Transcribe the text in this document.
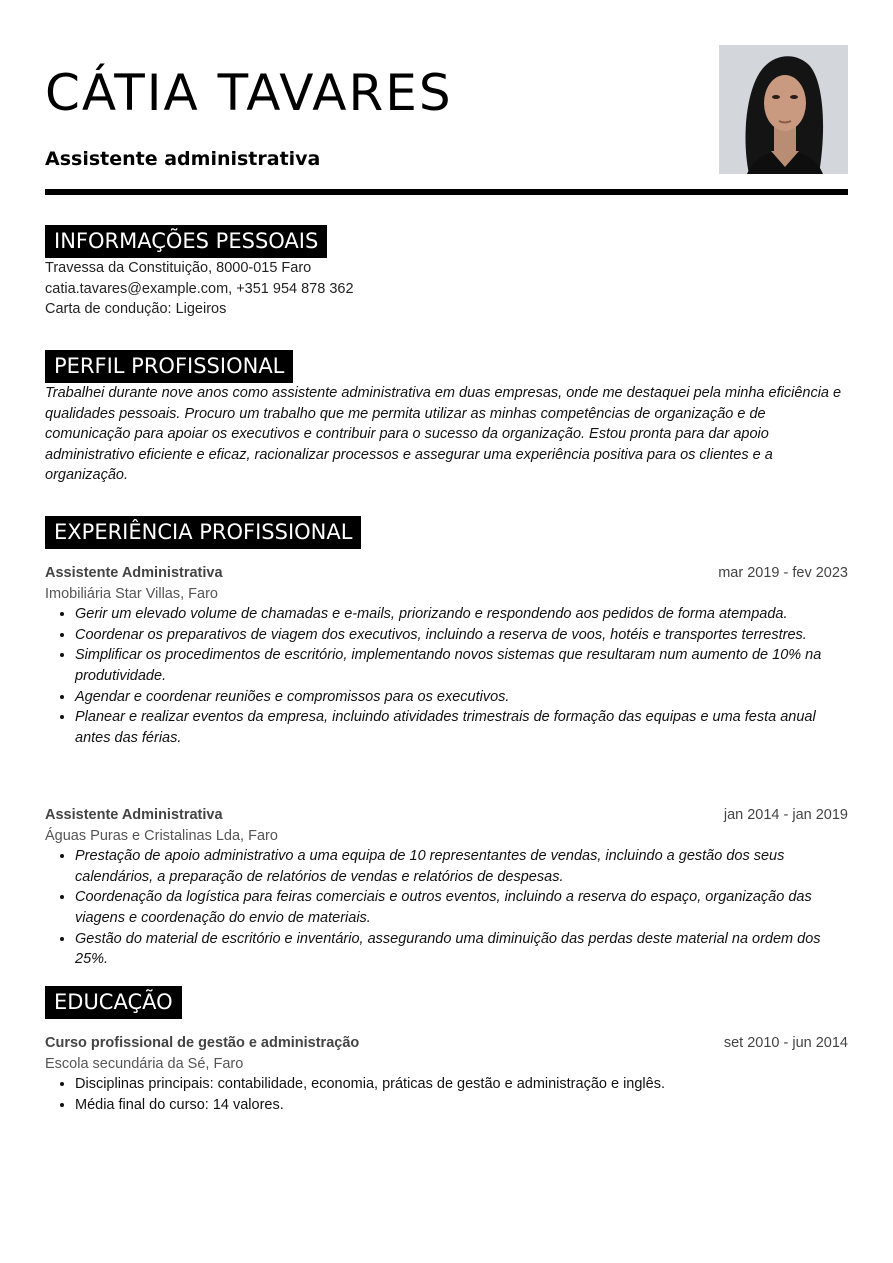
CÁTIA TAVARES
Assistente administrativa
INFORMAÇÕES PESSOAIS
Travessa da Constituição, 8000-015 Faro
catia.tavares@example.com, +351 954 878 362
Carta de condução: Ligeiros
PERFIL PROFISSIONAL
Trabalhei durante nove anos como assistente administrativa em duas empresas, onde me destaquei pela minha eficiência e qualidades pessoais. Procuro um trabalho que me permita utilizar as minhas competências de organização e de comunicação para apoiar os executivos e contribuir para o sucesso da organização. Estou pronta para dar apoio administrativo eficiente e eficaz, racionalizar processos e assegurar uma experiência positiva para os clientes e a organização.
EXPERIÊNCIA PROFISSIONAL
Assistente Administrativa	mar 2019 - fev 2023
Imobiliária Star Villas, Faro
• Gerir um elevado volume de chamadas e e-mails, priorizando e respondendo aos pedidos de forma atempada.
• Coordenar os preparativos de viagem dos executivos, incluindo a reserva de voos, hotéis e transportes terrestres.
• Simplificar os procedimentos de escritório, implementando novos sistemas que resultaram num aumento de 10% na produtividade.
• Agendar e coordenar reuniões e compromissos para os executivos.
• Planear e realizar eventos da empresa, incluindo atividades trimestrais de formação das equipas e uma festa anual antes das férias.
Assistente Administrativa	jan 2014 - jan 2019
Águas Puras e Cristalinas Lda, Faro
• Prestação de apoio administrativo a uma equipa de 10 representantes de vendas, incluindo a gestão dos seus calendários, a preparação de relatórios de vendas e relatórios de despesas.
• Coordenação da logística para feiras comerciais e outros eventos, incluindo a reserva do espaço, organização das viagens e coordenação do envio de materiais.
• Gestão do material de escritório e inventário, assegurando uma diminuição das perdas deste material na ordem dos 25%.
EDUCAÇÃO
Curso profissional de gestão e administração	set 2010 - jun 2014
Escola secundária da Sé, Faro
• Disciplinas principais: contabilidade, economia, práticas de gestão e administração e inglês.
• Média final do curso: 14 valores.
